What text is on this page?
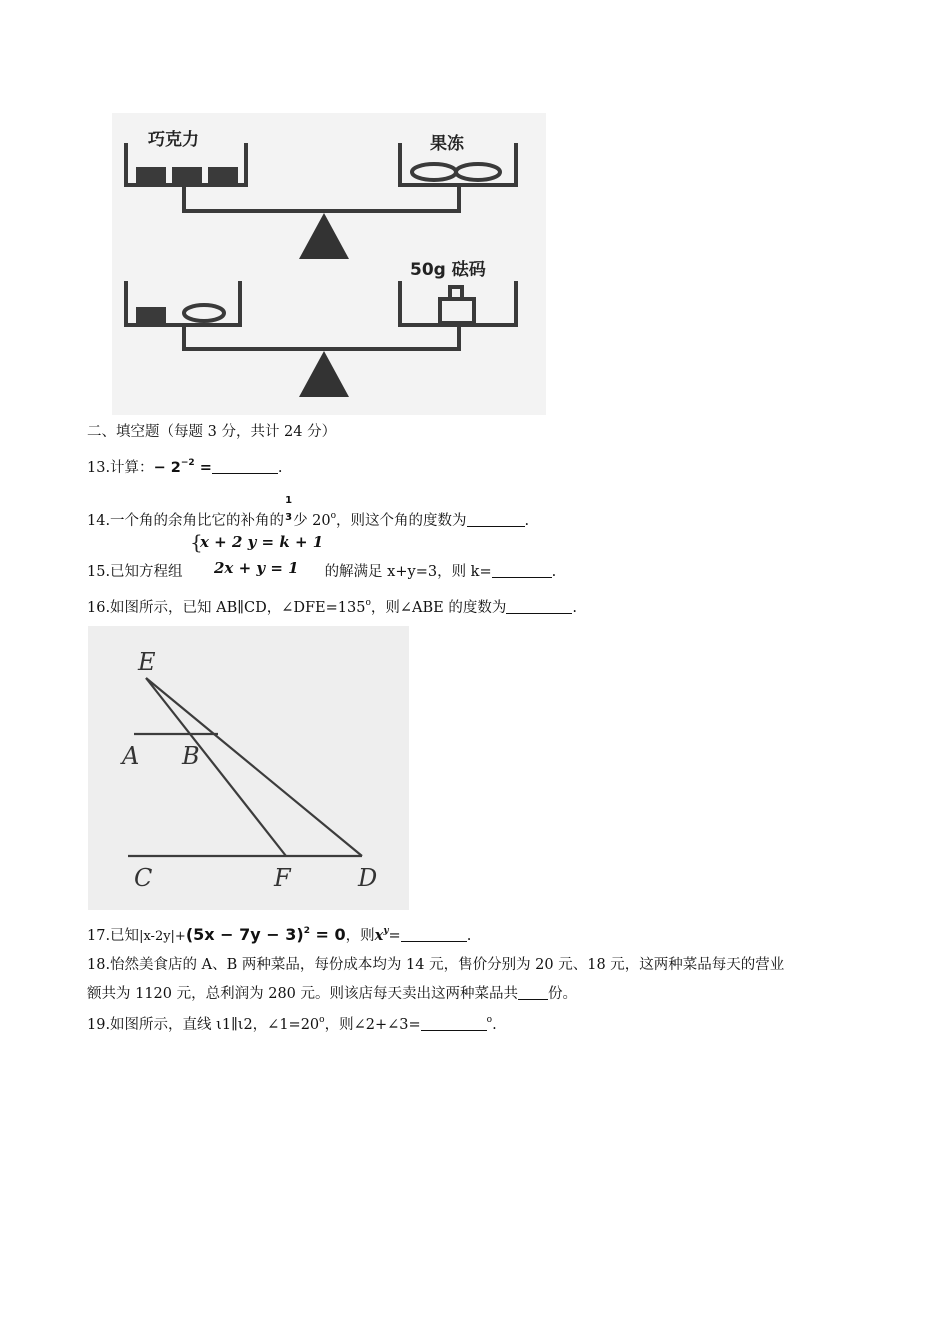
巧克力	果冻
50g 砝码
二、填空题（每题 3 分，共计 24 分）
13.计算：− $2^{-2}$ =	.
14.一个角的余角比它的补角的
1
3 少 20$^o$，则这个角的度数为	.
{
x + 2 y = k + 1
2x + y = 1
15.已知方程组	的解满足 x+y=3，则 k=	.
16.如图所示，已知 AB∥CD，$\angle DFE=135^o$，则∠ABE 的度数为	.
E
A B
C	F	D
17.已知$|x-2y|+(5x - 7y - 3)^2 = 0$，则$x^y=$	.
18.怡然美食店的 A、B 两种菜品，每份成本均为 14 元，售价分别为 20 元、18 元，这两种菜品每天的营业
额共为 1120 元，总利润为 280 元。则该店每天卖出这两种菜品共 份。
19.如图所示，直线 ι1∥ι2，$\angle 1=20^o$，则∠2+∠3=	$^o$.
